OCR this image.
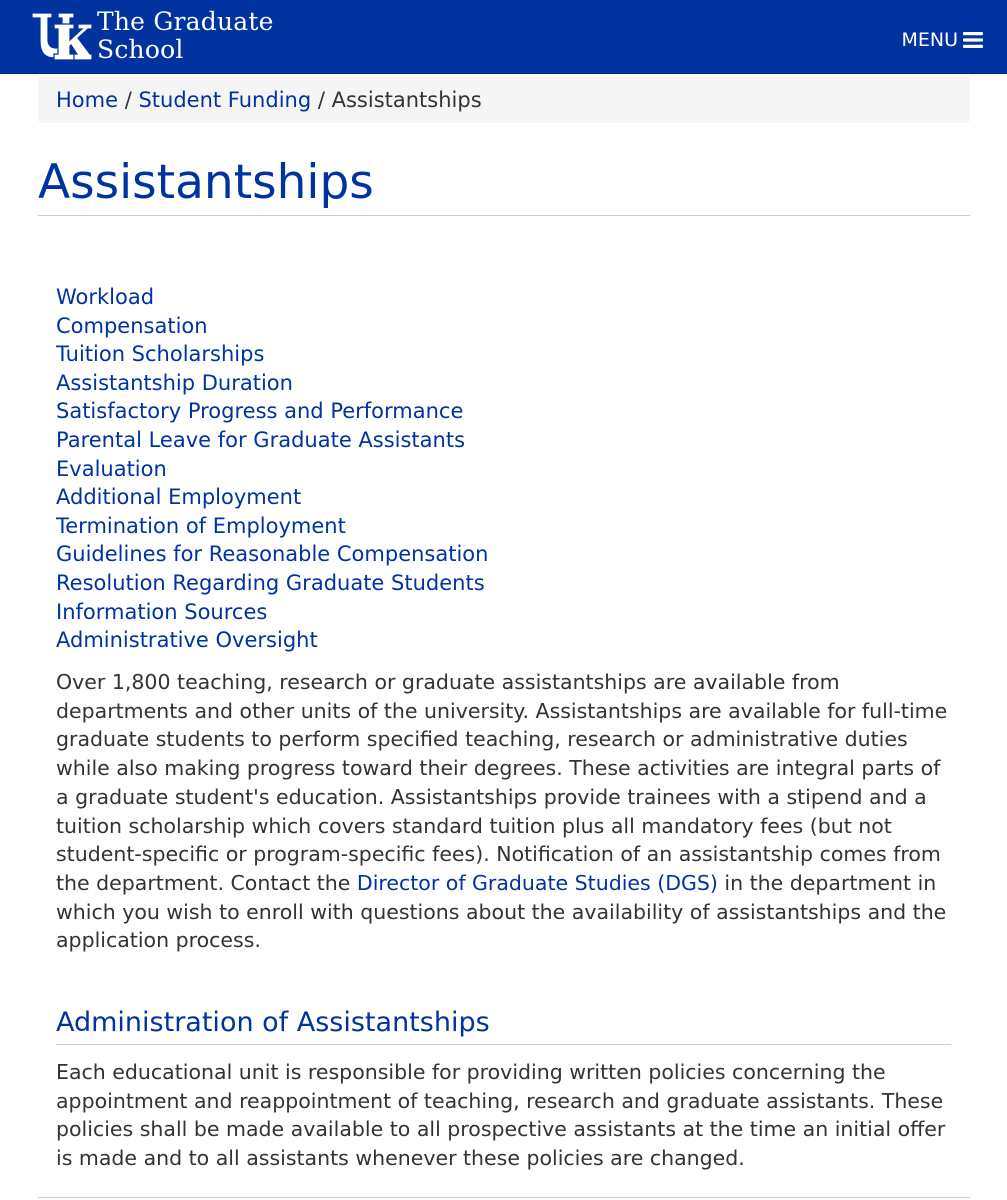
The Graduate
School	MENU
Home / Student Funding / Assistantships
Assistantships
Workload
Compensation
Tuition Scholarships
Assistantship Duration
Satisfactory Progress and Performance
Parental Leave for Graduate Assistants
Evaluation
Additional Employment
Termination of Employment
Guidelines for Reasonable Compensation
Resolution Regarding Graduate Students
Information Sources
Administrative Oversight

Over 1,800 teaching, research or graduate assistantships are available from departments and other units of the university. Assistantships are available for full-time graduate students to perform specified teaching, research or administrative duties while also making progress toward their degrees. These activities are integral parts of a graduate student's education. Assistantships provide trainees with a stipend and a tuition scholarship which covers standard tuition plus all mandatory fees (but not student-specific or program-specific fees). Notification of an assistantship comes from the department. Contact the Director of Graduate Studies (DGS) in the department in which you wish to enroll with questions about the availability of assistantships and the application process.

Administration of Assistantships

Each educational unit is responsible for providing written policies concerning the appointment and reappointment of teaching, research and graduate assistants. These policies shall be made available to all prospective assistants at the time an initial offer is made and to all assistants whenever these policies are changed.
